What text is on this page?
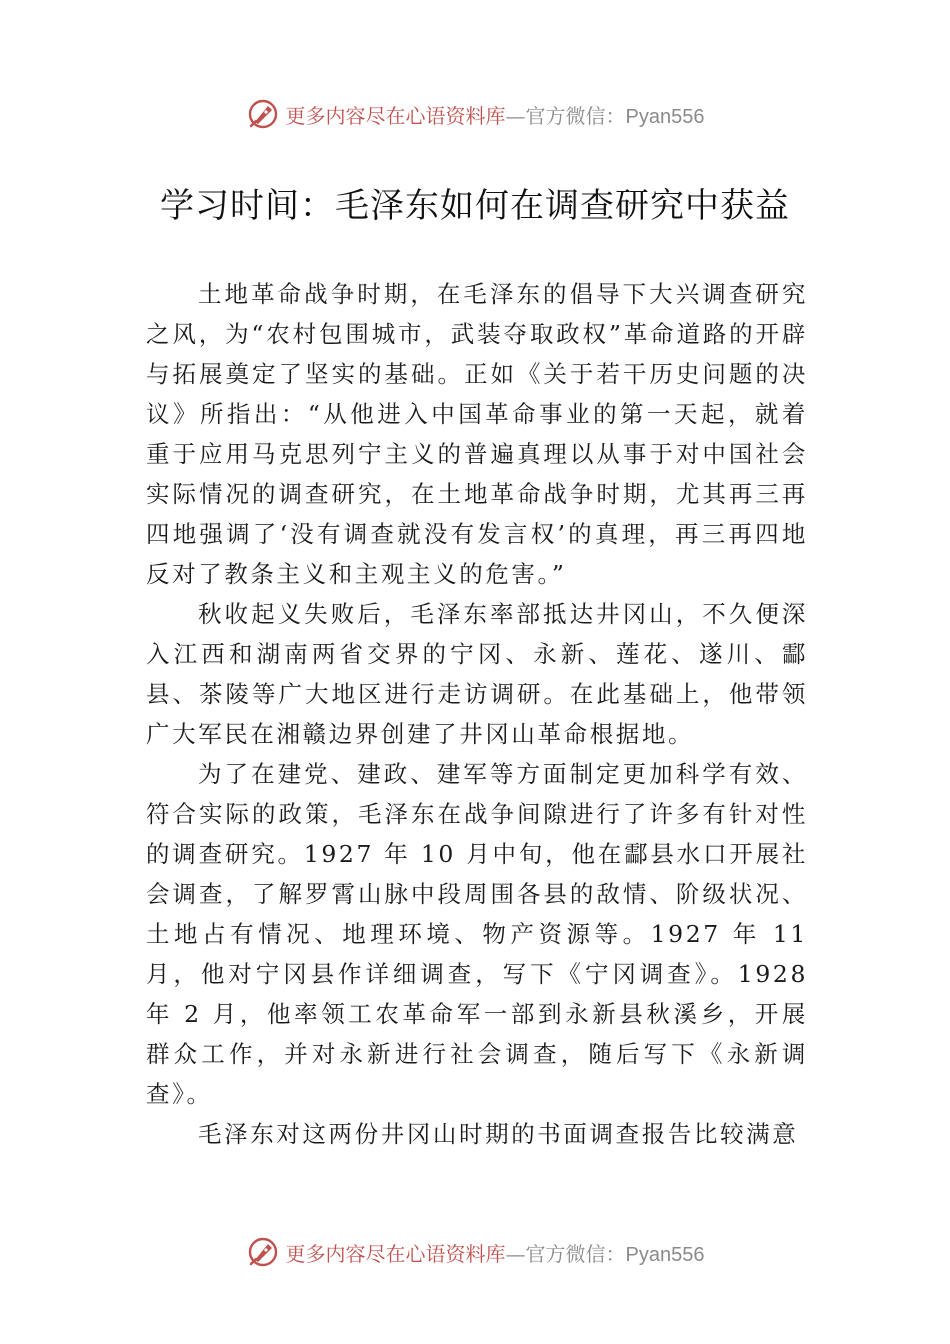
更多内容尽在心语资料库—官方微信：Pyan556
学习时间：毛泽东如何在调查研究中获益

土地革命战争时期，在毛泽东的倡导下大兴调查研究之风，为“农村包围城市，武装夺取政权”革命道路的开辟与拓展奠定了坚实的基础。正如《关于若干历史问题的决议》所指出：“从他进入中国革命事业的第一天起，就着重于应用马克思列宁主义的普遍真理以从事于对中国社会实际情况的调查研究，在土地革命战争时期，尤其再三再四地强调了‘没有调查就没有发言权’的真理，再三再四地反对了教条主义和主观主义的危害。”

秋收起义失败后，毛泽东率部抵达井冈山，不久便深入江西和湖南两省交界的宁冈、永新、莲花、遂川、酃县、茶陵等广大地区进行走访调研。在此基础上，他带领广大军民在湘赣边界创建了井冈山革命根据地。

为了在建党、建政、建军等方面制定更加科学有效、符合实际的政策，毛泽东在战争间隙进行了许多有针对性的调查研究。1927 年 10 月中旬，他在酃县水口开展社会调查，了解罗霄山脉中段周围各县的敌情、阶级状况、土地占有情况、地理环境、物产资源等。1927 年 11 月，他对宁冈县作详细调查，写下《宁冈调查》。1928 年 2 月，他率领工农革命军一部到永新县秋溪乡，开展群众工作，并对永新进行社会调查，随后写下《永新调查》。

毛泽东对这两份井冈山时期的书面调查报告比较满意

更多内容尽在心语资料库—官方微信：Pyan556
